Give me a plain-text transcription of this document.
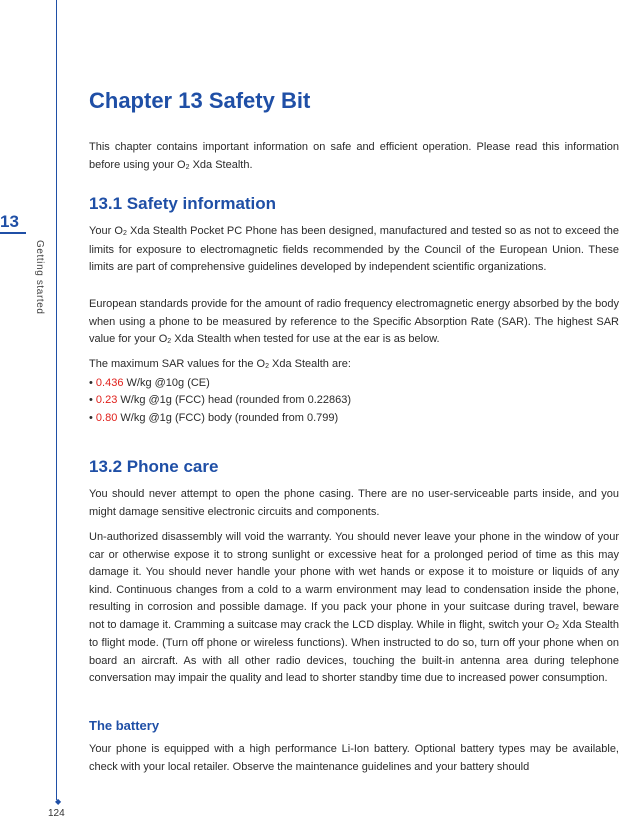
13
Getting started
◆
124
Chapter 13 Safety Bit

This chapter contains important information on safe and efficient operation. Please read this information before using your $O_2$ Xda Stealth.

13.1 Safety information

Your $O_2$ Xda Stealth Pocket PC Phone has been designed, manufactured and tested so as not to exceed the limits for exposure to electromagnetic fields recommended by the Council of the European Union. These limits are part of comprehensive guidelines developed by independent scientific organizations.

European standards provide for the amount of radio frequency electromagnetic energy absorbed by the body when using a phone to be measured by reference to the Specific Absorption Rate (SAR). The highest SAR value for your $O_2$ Xda Stealth when tested for use at the ear is as below.

The maximum SAR values for the $O_2$ Xda Stealth are:
• 0.436 W/kg @10g (CE)
• 0.23 W/kg @1g (FCC) head (rounded from 0.22863)
• 0.80 W/kg @1g (FCC) body (rounded from 0.799)
13.2 Phone care

You should never attempt to open the phone casing. There are no user-serviceable parts inside, and you might damage sensitive electronic circuits and components.

Un-authorized disassembly will void the warranty. You should never leave your phone in the window of your car or otherwise expose it to strong sunlight or excessive heat for a prolonged period of time as this may damage it. You should never handle your phone with wet hands or expose it to moisture or liquids of any kind. Continuous changes from a cold to a warm environment may lead to condensation inside the phone, resulting in corrosion and possible damage. If you pack your phone in your suitcase during travel, beware not to damage it. Cramming a suitcase may crack the LCD display. While in flight, switch your $O_2$ Xda Stealth to flight mode. (Turn off phone or wireless functions). When instructed to do so, turn off your phone when on board an aircraft. As with all other radio devices, touching the built-in antenna area during telephone conversation may impair the quality and lead to shorter standby time due to increased power consumption.

The battery

Your phone is equipped with a high performance Li-Ion battery. Optional battery types may be available, check with your local retailer. Observe the maintenance guidelines and your battery should
